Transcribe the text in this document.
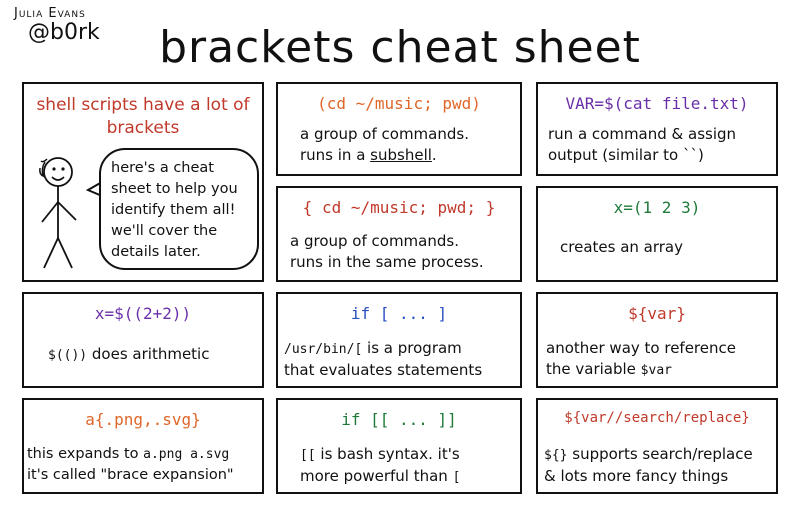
Julia Evans
@b0rk	brackets cheat sheet
shell scripts have a lot of brackets
here's a cheat sheet to help you identify them all! we'll cover the details later.
(cd ~/music; pwd)
a group of commands.
runs in a subshell.
VAR=$(cat file.txt)
run a command & assign
output (similar to ``)
{ cd ~/music; pwd; }
a group of commands.
runs in the same process.
x=(1 2 3)
creates an array
x=$((2+2))
$(()) does arithmetic
if [ ... ]
/usr/bin/[ is a program
that evaluates statements
${var}
another way to reference
the variable $var
a{.png,.svg}
this expands to a.png a.svg
it's called "brace expansion"
if [[ ... ]]
[[ is bash syntax. it's
more powerful than [
${var//search/replace}
${} supports search/replace
& lots more fancy things
